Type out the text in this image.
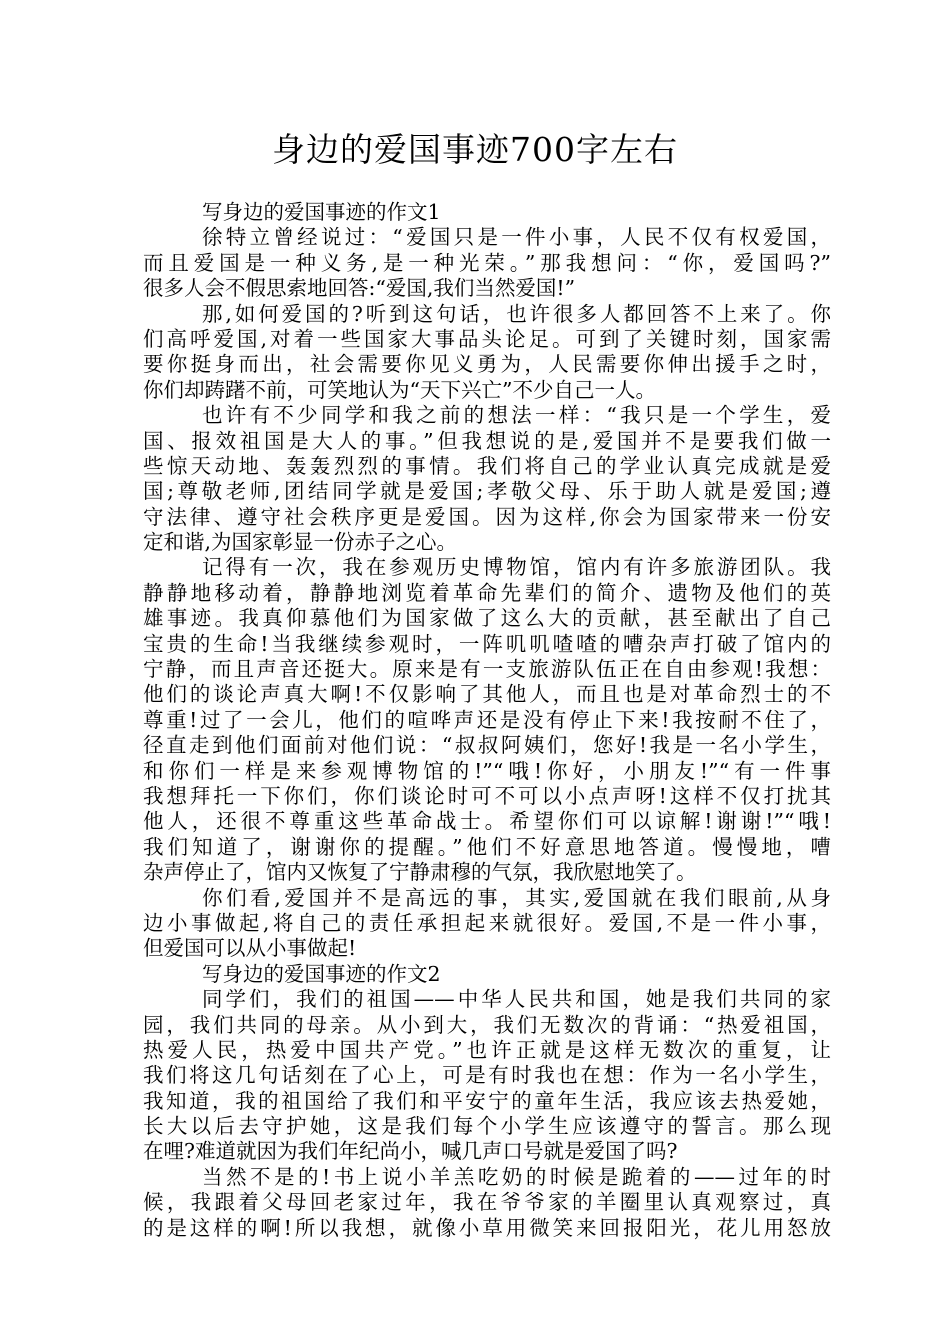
身边的爱国事迹700字左右
写身边的爱国事迹的作文1
徐特立曾经说过：“爱国只是一件小事，人民不仅有权爱国，
而且爱国是一种义务,是一种光荣。”那我想问：“你，爱国吗?”
很多人会不假思索地回答:“爱国,我们当然爱国!”
那,如何爱国的?听到这句话，也许很多人都回答不上来了。你
们高呼爱国,对着一些国家大事品头论足。可到了关键时刻，国家需
要你挺身而出，社会需要你见义勇为，人民需要你伸出援手之时，
你们却踌躇不前，可笑地认为“天下兴亡”不少自己一人。
也许有不少同学和我之前的想法一样：“我只是一个学生，爱
国、报效祖国是大人的事。”但我想说的是,爱国并不是要我们做一
些惊天动地、轰轰烈烈的事情。我们将自己的学业认真完成就是爱
国;尊敬老师,团结同学就是爱国;孝敬父母、乐于助人就是爱国;遵
守法律、遵守社会秩序更是爱国。因为这样,你会为国家带来一份安
定和谐,为国家彰显一份赤子之心。
记得有一次，我在参观历史博物馆，馆内有许多旅游团队。我
静静地移动着，静静地浏览着革命先辈们的简介、遗物及他们的英
雄事迹。我真仰慕他们为国家做了这么大的贡献，甚至献出了自己
宝贵的生命!当我继续参观时，一阵叽叽喳喳的嘈杂声打破了馆内的
宁静，而且声音还挺大。原来是有一支旅游队伍正在自由参观!我想：
他们的谈论声真大啊!不仅影响了其他人，而且也是对革命烈士的不
尊重!过了一会儿，他们的喧哗声还是没有停止下来!我按耐不住了，
径直走到他们面前对他们说：“叔叔阿姨们，您好!我是一名小学生，
和你们一样是来参观博物馆的!”“哦!你好，小朋友!”“有一件事
我想拜托一下你们，你们谈论时可不可以小点声呀!这样不仅打扰其
他人，还很不尊重这些革命战士。希望你们可以谅解!谢谢!”“哦!
我们知道了，谢谢你的提醒。”他们不好意思地答道。慢慢地，嘈
杂声停止了，馆内又恢复了宁静肃穆的气氛，我欣慰地笑了。
你们看,爱国并不是高远的事，其实,爱国就在我们眼前,从身
边小事做起,将自己的责任承担起来就很好。爱国,不是一件小事，
但爱国可以从小事做起!
写身边的爱国事迹的作文2
同学们，我们的祖国——中华人民共和国，她是我们共同的家
园，我们共同的母亲。从小到大，我们无数次的背诵：“热爱祖国，
热爱人民，热爱中国共产党。”也许正就是这样无数次的重复，让
我们将这几句话刻在了心上，可是有时我也在想：作为一名小学生，
我知道，我的祖国给了我们和平安宁的童年生活，我应该去热爱她，
长大以后去守护她，这是我们每个小学生应该遵守的誓言。那么现
在哩?难道就因为我们年纪尚小，喊几声口号就是爱国了吗?
当然不是的!书上说小羊羔吃奶的时候是跪着的——过年的时
候，我跟着父母回老家过年，我在爷爷家的羊圈里认真观察过，真
的是这样的啊!所以我想，就像小草用微笑来回报阳光，花儿用怒放
